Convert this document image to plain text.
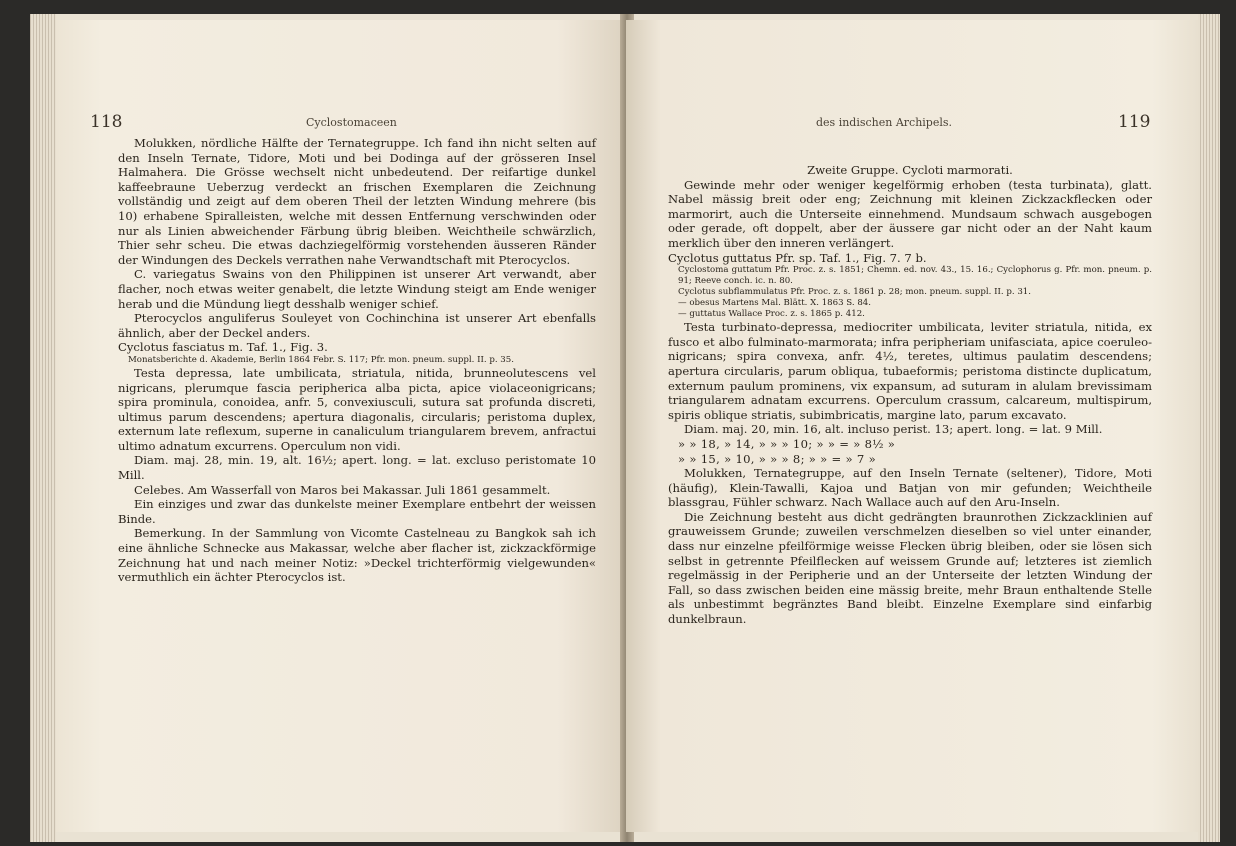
118	Cyclostomaceen

Molukken, nördliche Hälfte der Ternategruppe. Ich fand ihn nicht selten auf den Inseln Ternate, Tidore, Moti und bei Dodinga auf der grösseren Insel Halmahera. Die Grösse wechselt nicht unbedeutend. Der reifartige dunkel kaffeebraune Ueberzug verdeckt an frischen Exemplaren die Zeichnung vollständig und zeigt auf dem oberen Theil der letzten Windung mehrere (bis 10) erhabene Spiralleisten, welche mit dessen Entfernung verschwinden oder nur als Linien abweichender Färbung übrig bleiben. Weichtheile schwärzlich, Thier sehr scheu. Die etwas dachziegelförmig vorstehenden äusseren Ränder der Windungen des Deckels verrathen nahe Verwandtschaft mit Pterocyclos.

C. variegatus Swains von den Philippinen ist unserer Art verwandt, aber flacher, noch etwas weiter genabelt, die letzte Windung steigt am Ende weniger herab und die Mündung liegt desshalb weniger schief.

Pterocyclos anguliferus Souleyet von Cochinchina ist unserer Art ebenfalls ähnlich, aber der Deckel anders.

Cyclotus fasciatus m. Taf. 1., Fig. 3.

Monatsberichte d. Akademie, Berlin 1864 Febr. S. 117; Pfr. mon. pneum. suppl. II. p. 35.

Testa depressa, late umbilicata, striatula, nitida, brunneolutescens vel nigricans, plerumque fascia peripherica alba picta, apice violaceonigricans; spira prominula, conoidea, anfr. 5, convexiusculi, sutura sat profunda discreti, ultimus parum descendens; apertura diagonalis, circularis; peristoma duplex, externum late reflexum, superne in canaliculum triangularem brevem, anfractui ultimo adnatum excurrens. Operculum non vidi.

Diam. maj. 28, min. 19, alt. 16½; apert. long. = lat. excluso peristomate 10 Mill.

Celebes. Am Wasserfall von Maros bei Makassar. Juli 1861 gesammelt.

Ein einziges und zwar das dunkelste meiner Exemplare entbehrt der weissen Binde.

Bemerkung. In der Sammlung von Vicomte Castelneau zu Bangkok sah ich eine ähnliche Schnecke aus Makassar, welche aber flacher ist, zickzackförmige Zeichnung hat und nach meiner Notiz: »Deckel trichterförmig vielgewunden« vermuthlich ein ächter Pterocyclos ist.

des indischen Archipels.	119

Zweite Gruppe. Cycloti marmorati.

Gewinde mehr oder weniger kegelförmig erhoben (testa turbinata), glatt. Nabel mässig breit oder eng; Zeichnung mit kleinen Zickzackflecken oder marmorirt, auch die Unterseite einnehmend. Mundsaum schwach ausgebogen oder gerade, oft doppelt, aber der äussere gar nicht oder an der Naht kaum merklich über den inneren verlängert.

Cyclotus guttatus Pfr. sp. Taf. 1., Fig. 7. 7 b.

Cyclostoma guttatum Pfr. Proc. z. s. 1851; Chemn. ed. nov. 43., 15. 16.; Cyclophorus g. Pfr. mon. pneum. p. 91; Reeve conch. ic. n. 80.

Cyclotus subflammulatus Pfr. Proc. z. s. 1861 p. 28; mon. pneum. suppl. II. p. 31.

— obesus Martens Mal. Blätt. X. 1863 S. 84.

— guttatus Wallace Proc. z. s. 1865 p. 412.

Testa turbinato-depressa, mediocriter umbilicata, leviter striatula, nitida, ex fusco et albo fulminato-marmorata; infra peripheriam unifasciata, apice coeruleo-nigricans; spira convexa, anfr. 4½, teretes, ultimus paulatim descendens; apertura circularis, parum obliqua, tubaeformis; peristoma distincte duplicatum, externum paulum prominens, vix expansum, ad suturam in alulam brevissimam triangularem adnatam excurrens. Operculum crassum, calcareum, multispirum, spiris oblique striatis, subimbricatis, margine lato, parum excavato.

Diam. maj. 20, min. 16, alt. incluso perist. 13; apert. long. = lat. 9 Mill.

» » 18, » 14, » » » 10; » » = » 8½ »

» » 15, » 10, » » » 8; » » = » 7 »

Molukken, Ternategruppe, auf den Inseln Ternate (seltener), Tidore, Moti (häufig), Klein-Tawalli, Kajoa und Batjan von mir gefunden; Weichtheile blassgrau, Fühler schwarz. Nach Wallace auch auf den Aru-Inseln.

Die Zeichnung besteht aus dicht gedrängten braunrothen Zickzacklinien auf grauweissem Grunde; zuweilen verschmelzen dieselben so viel unter einander, dass nur einzelne pfeilförmige weisse Flecken übrig bleiben, oder sie lösen sich selbst in getrennte Pfeilflecken auf weissem Grunde auf; letzteres ist ziemlich regelmässig in der Peripherie und an der Unterseite der letzten Windung der Fall, so dass zwischen beiden eine mässig breite, mehr Braun enthaltende Stelle als unbestimmt begränztes Band bleibt. Einzelne Exemplare sind einfarbig dunkelbraun.
